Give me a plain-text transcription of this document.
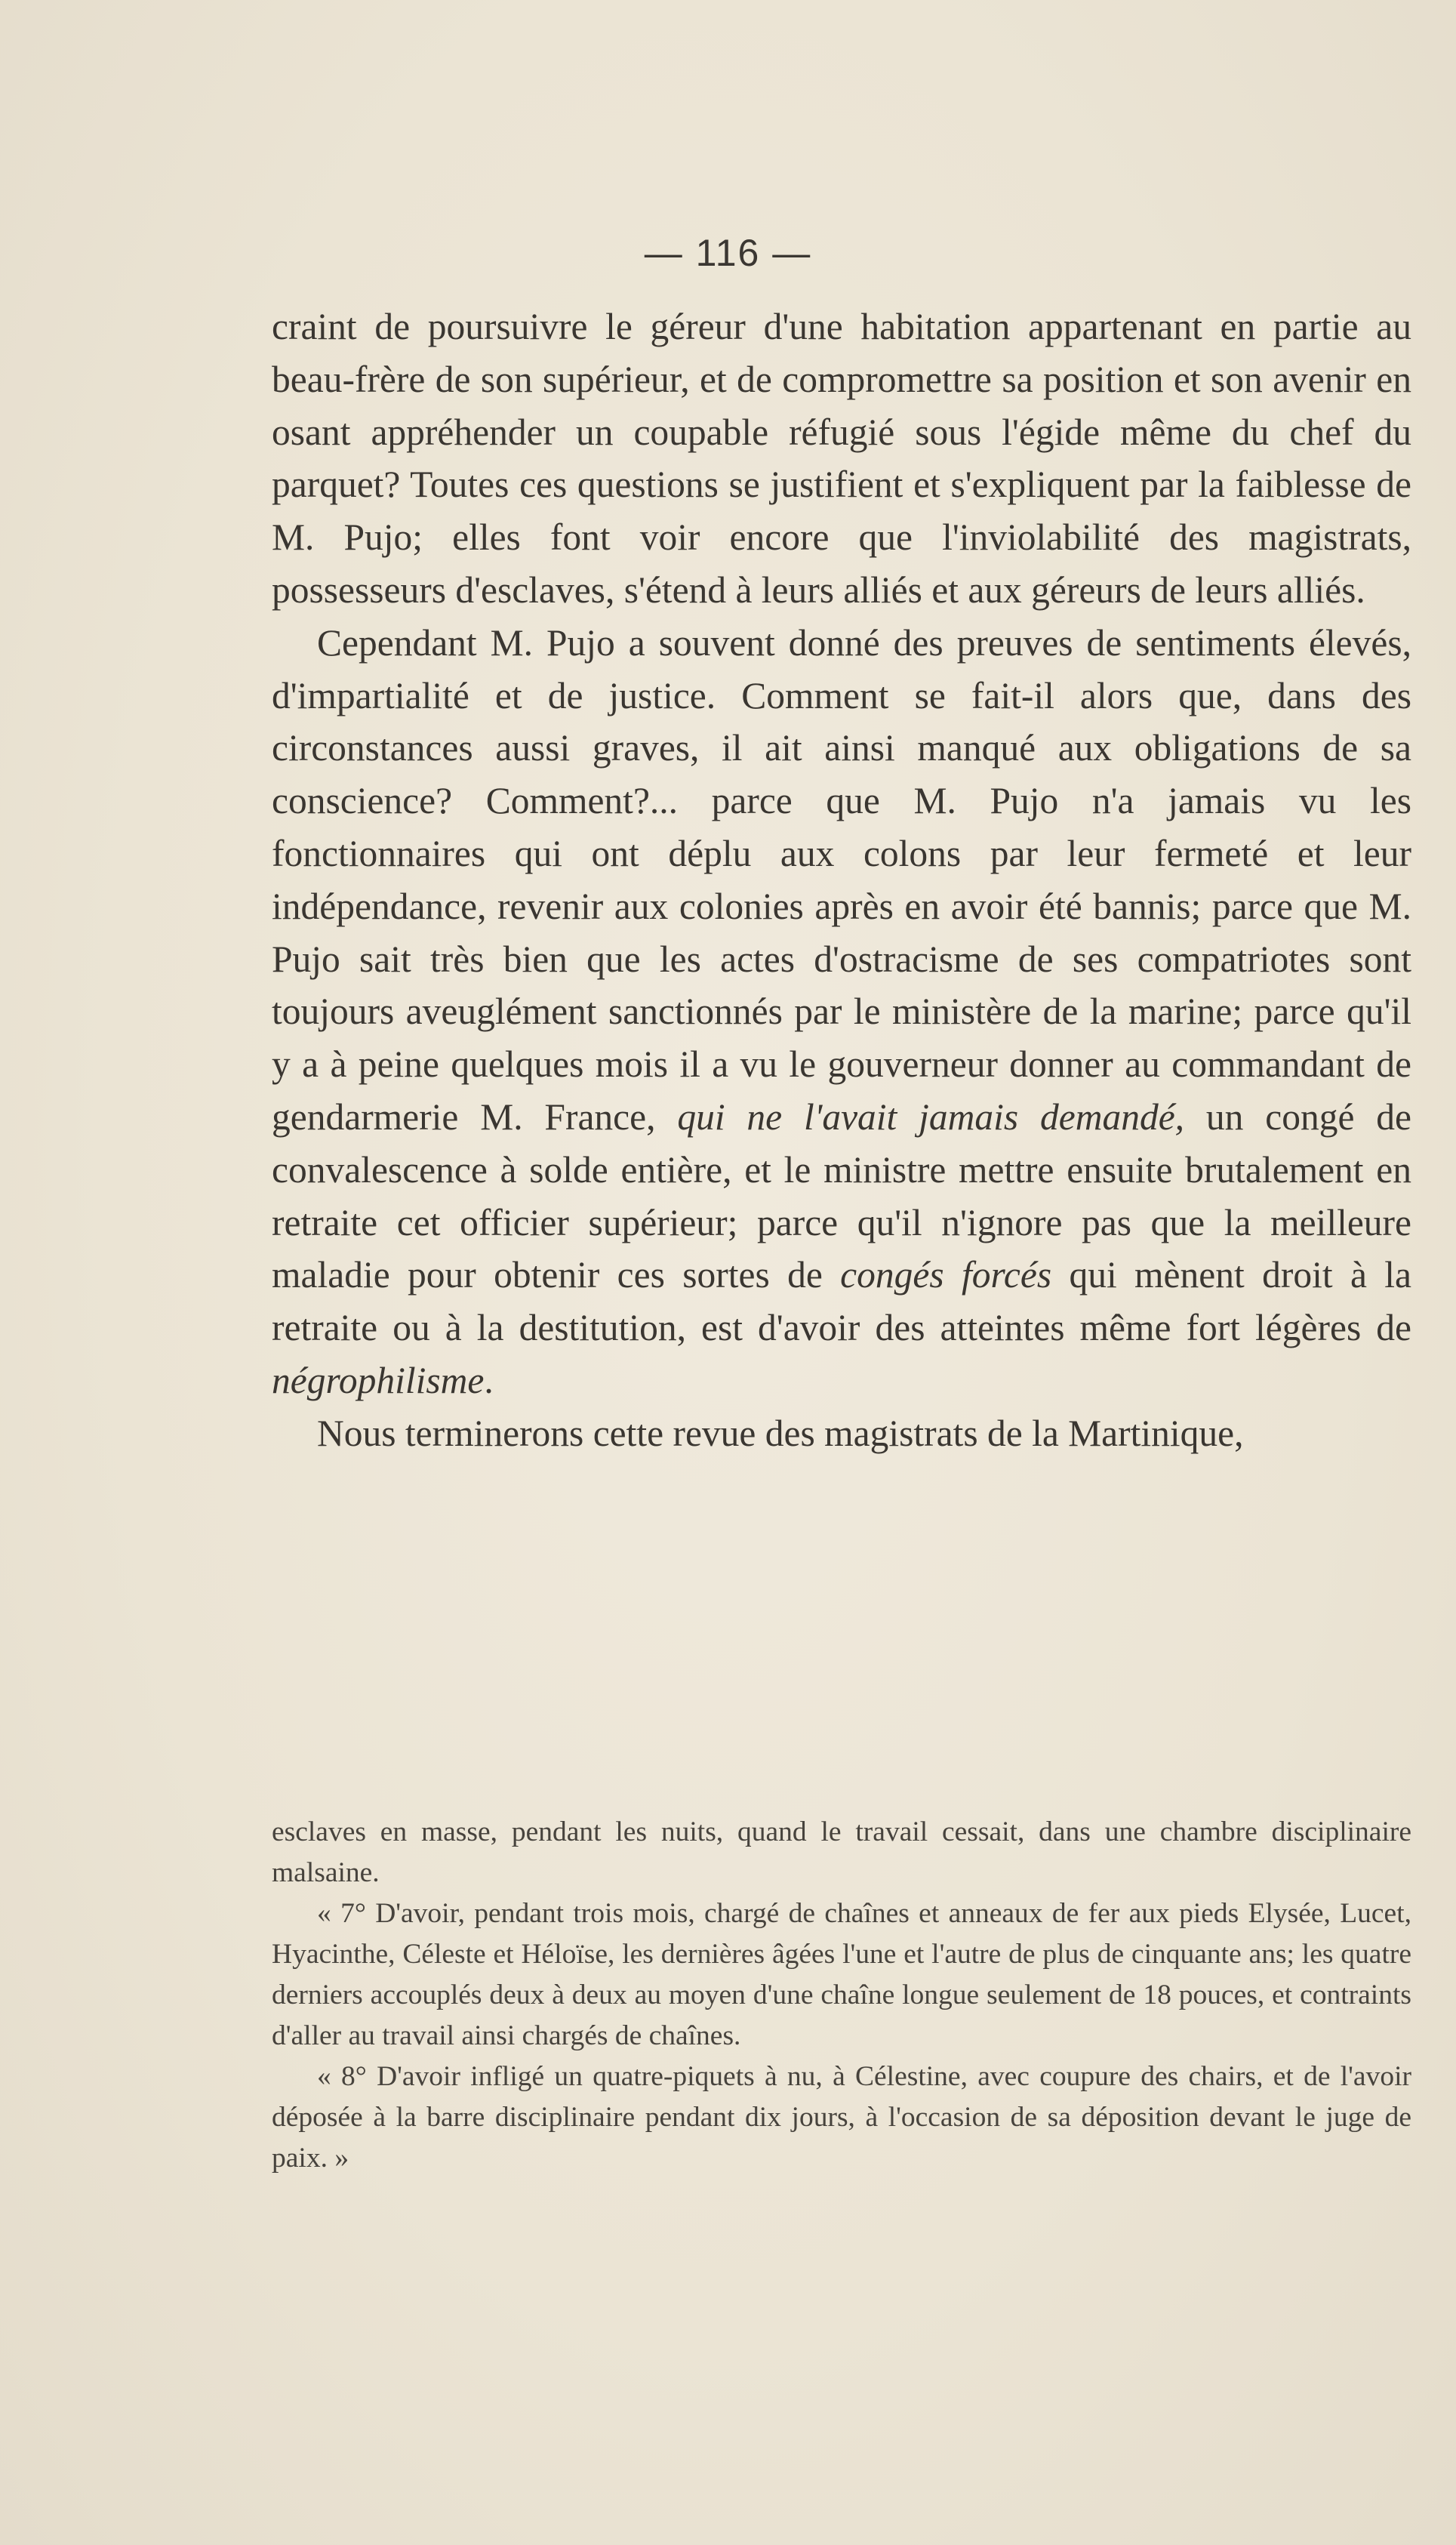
— 116 —

craint de poursuivre le géreur d'une habitation appartenant en partie au beau-frère de son supérieur, et de compromettre sa position et son avenir en osant appréhender un coupable réfugié sous l'égide même du chef du parquet? Toutes ces questions se justifient et s'expliquent par la faiblesse de M. Pujo; elles font voir encore que l'inviolabilité des magistrats, possesseurs d'esclaves, s'étend à leurs alliés et aux géreurs de leurs alliés.

Cependant M. Pujo a souvent donné des preuves de sentiments élevés, d'impartialité et de justice. Comment se fait-il alors que, dans des circonstances aussi graves, il ait ainsi manqué aux obligations de sa conscience? Comment?... parce que M. Pujo n'a jamais vu les fonctionnaires qui ont déplu aux colons par leur fermeté et leur indépendance, revenir aux colonies après en avoir été bannis; parce que M. Pujo sait très bien que les actes d'ostracisme de ses compatriotes sont toujours aveuglément sanctionnés par le ministère de la marine; parce qu'il y a à peine quelques mois il a vu le gouverneur donner au commandant de gendarmerie M. France, qui ne l'avait jamais demandé, un congé de convalescence à solde entière, et le ministre mettre ensuite brutalement en retraite cet officier supérieur; parce qu'il n'ignore pas que la meilleure maladie pour obtenir ces sortes de congés forcés qui mènent droit à la retraite ou à la destitution, est d'avoir des atteintes même fort légères de négrophilisme.

Nous terminerons cette revue des magistrats de la Martinique,

esclaves en masse, pendant les nuits, quand le travail cessait, dans une chambre disciplinaire malsaine.

« 7° D'avoir, pendant trois mois, chargé de chaînes et anneaux de fer aux pieds Elysée, Lucet, Hyacinthe, Céleste et Héloïse, les dernières âgées l'une et l'autre de plus de cinquante ans; les quatre derniers accouplés deux à deux au moyen d'une chaîne longue seulement de 18 pouces, et contraints d'aller au travail ainsi chargés de chaînes.

« 8° D'avoir infligé un quatre-piquets à nu, à Célestine, avec coupure des chairs, et de l'avoir déposée à la barre disciplinaire pendant dix jours, à l'occasion de sa déposition devant le juge de paix. »
